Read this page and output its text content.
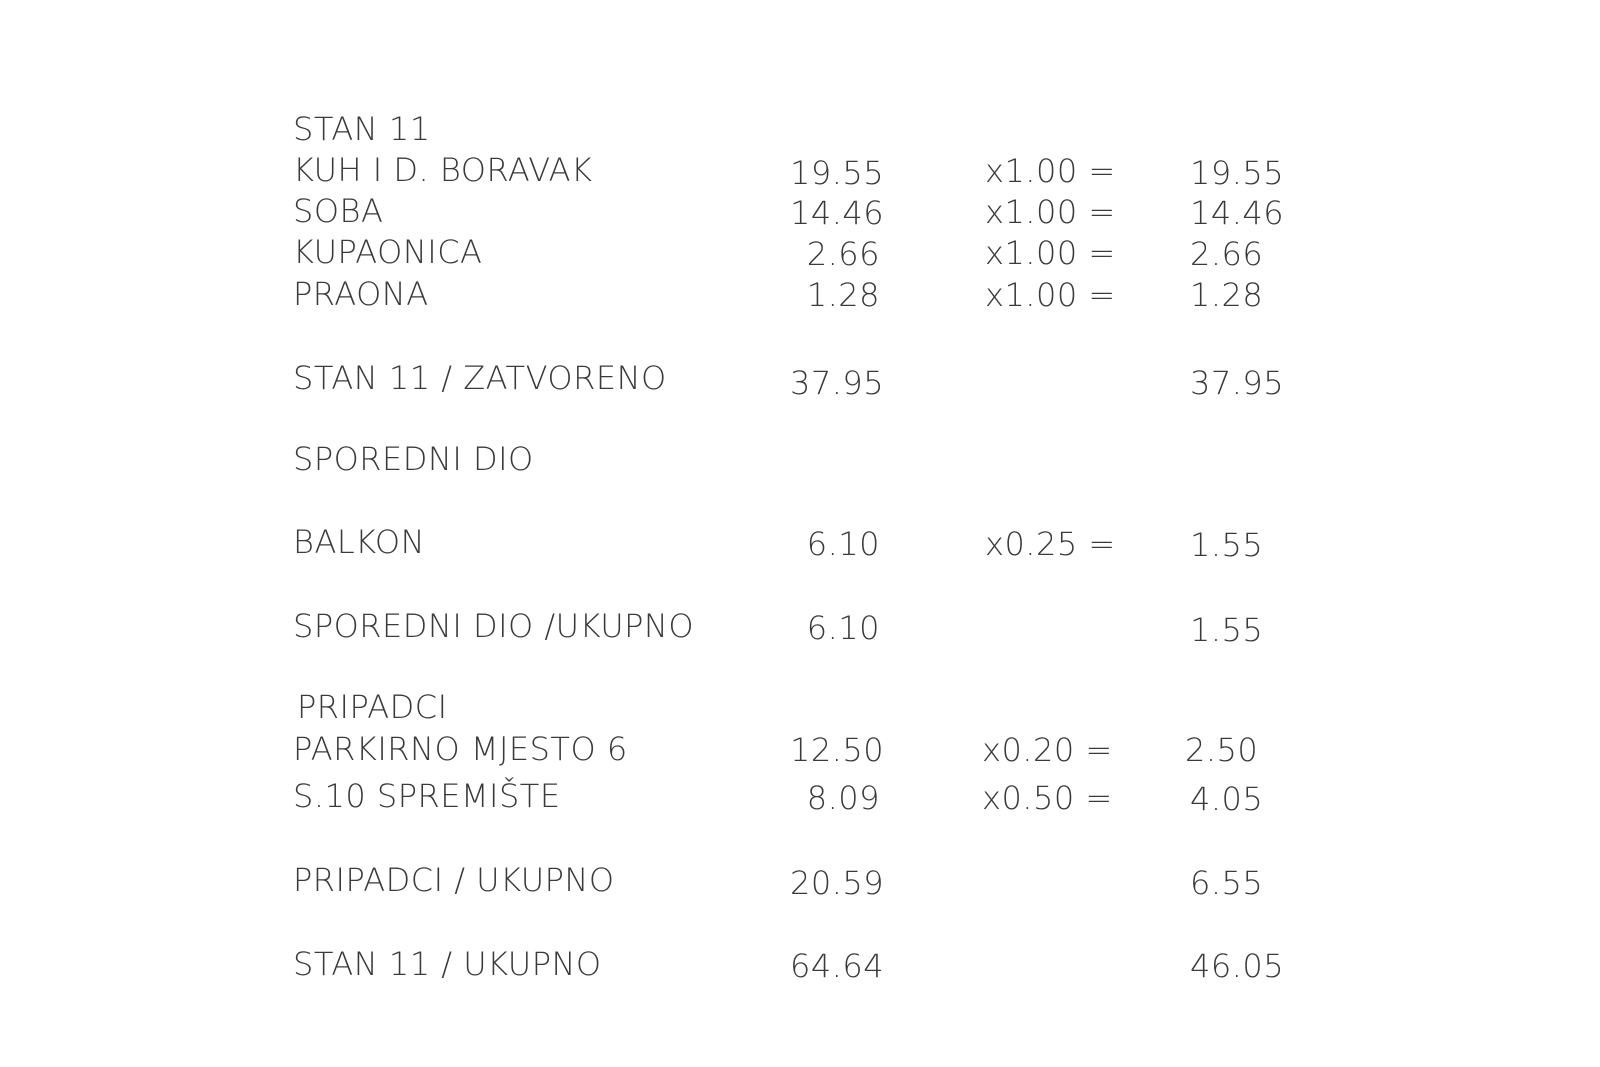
STAN 11
KUH I D. BORAVAK	19.55	x1.00 = 19.55
SOBA	14.46	x1.00 = 14.46
KUPAONICA	2.66	x1.00 = 2.66
PRAONA	1.28	x1.00 = 1.28
STAN 11 / ZATVORENO	37.95	37.95
SPOREDNI DIO
BALKON	6.10	x0.25 = 1.55
SPOREDNI DIO /UKUPNO	6.10	1.55
PRIPADCI
PARKIRNO MJESTO 6	12.50	x0.20 = 2.50
S.10 SPREMIŠTE	8.09	x0.50 = 4.05
PRIPADCI / UKUPNO	20.59	6.55
STAN 11 / UKUPNO	64.64	46.05
